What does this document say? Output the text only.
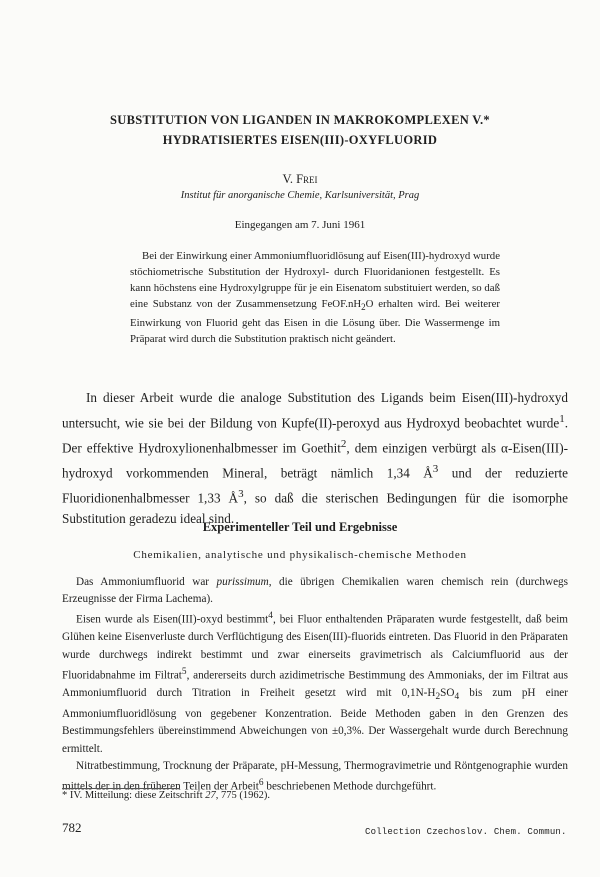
SUBSTITUTION VON LIGANDEN IN MAKROKOMPLEXEN V.*
HYDRATISIERTES EISEN(III)-OXYFLUORID
V. Frei
Institut für anorganische Chemie, Karlsuniversität, Prag
Eingegangen am 7. Juni 1961

Bei der Einwirkung einer Ammoniumfluoridlösung auf Eisen(III)-hydroxyd wurde stöchiometrische Substitution der Hydroxyl- durch Fluoridanionen festgestellt. Es kann höchstens eine Hydroxylgruppe für je ein Eisenatom substituiert werden, so daß eine Substanz von der Zusammensetzung $FeOF.nH_2O$ erhalten wird. Bei weiterer Einwirkung von Fluorid geht das Eisen in die Lösung über. Die Wassermenge im Präparat wird durch die Substitution praktisch nicht geändert.

In dieser Arbeit wurde die analoge Substitution des Ligands beim Eisen(III)-hydroxyd untersucht, wie sie bei der Bildung von Kupfe(II)-peroxyd aus Hydroxyd beobachtet wurde$^1$. Der effektive Hydroxylionenhalbmesser im Goethit$^2$, dem einzigen verbürgt als α-Eisen(III)-hydroxyd vorkommenden Mineral, beträgt nämlich 1,34 $Å^3$ und der reduzierte Fluoridionenhalbmesser 1,33 $Å^3$, so daß die sterischen Bedingungen für die isomorphe Substitution geradezu ideal sind.

Experimenteller Teil und Ergebnisse
Chemikalien, analytische und physikalisch-chemische Methoden

Das Ammoniumfluorid war purissimum, die übrigen Chemikalien waren chemisch rein (durchwegs Erzeugnisse der Firma Lachema).

Eisen wurde als Eisen(III)-oxyd bestimmt$^4$, bei Fluor enthaltenden Präparaten wurde festgestellt, daß beim Glühen keine Eisenverluste durch Verflüchtigung des Eisen(III)-fluorids eintreten. Das Fluorid in den Präparaten wurde durchwegs indirekt bestimmt und zwar einerseits gravimetrisch als Calciumfluorid aus der Fluoridabnahme im Filtrat$^5$, andererseits durch azidimetrische Bestimmung des Ammoniaks, der im Filtrat aus Ammoniumfluorid durch Titration in Freiheit gesetzt wird mit $0,1N-H_2SO_4$ bis zum pH einer Ammoniumfluoridlösung von gegebener Konzentration. Beide Methoden gaben in den Grenzen des Bestimmungsfehlers übereinstimmend Abweichungen von ±0,3%. Der Wassergehalt wurde durch Berechnung ermittelt.

Nitratbestimmung, Trocknung der Präparate, pH-Messung, Thermogravimetrie und Röntgenographie wurden mittels der in den früheren Teilen der Arbeit$^6$ beschriebenen Methode durchgeführt.

* IV. Mitteilung: diese Zeitschrift 27, 775 (1962).
782	Collection Czechoslov. Chem. Commun.
